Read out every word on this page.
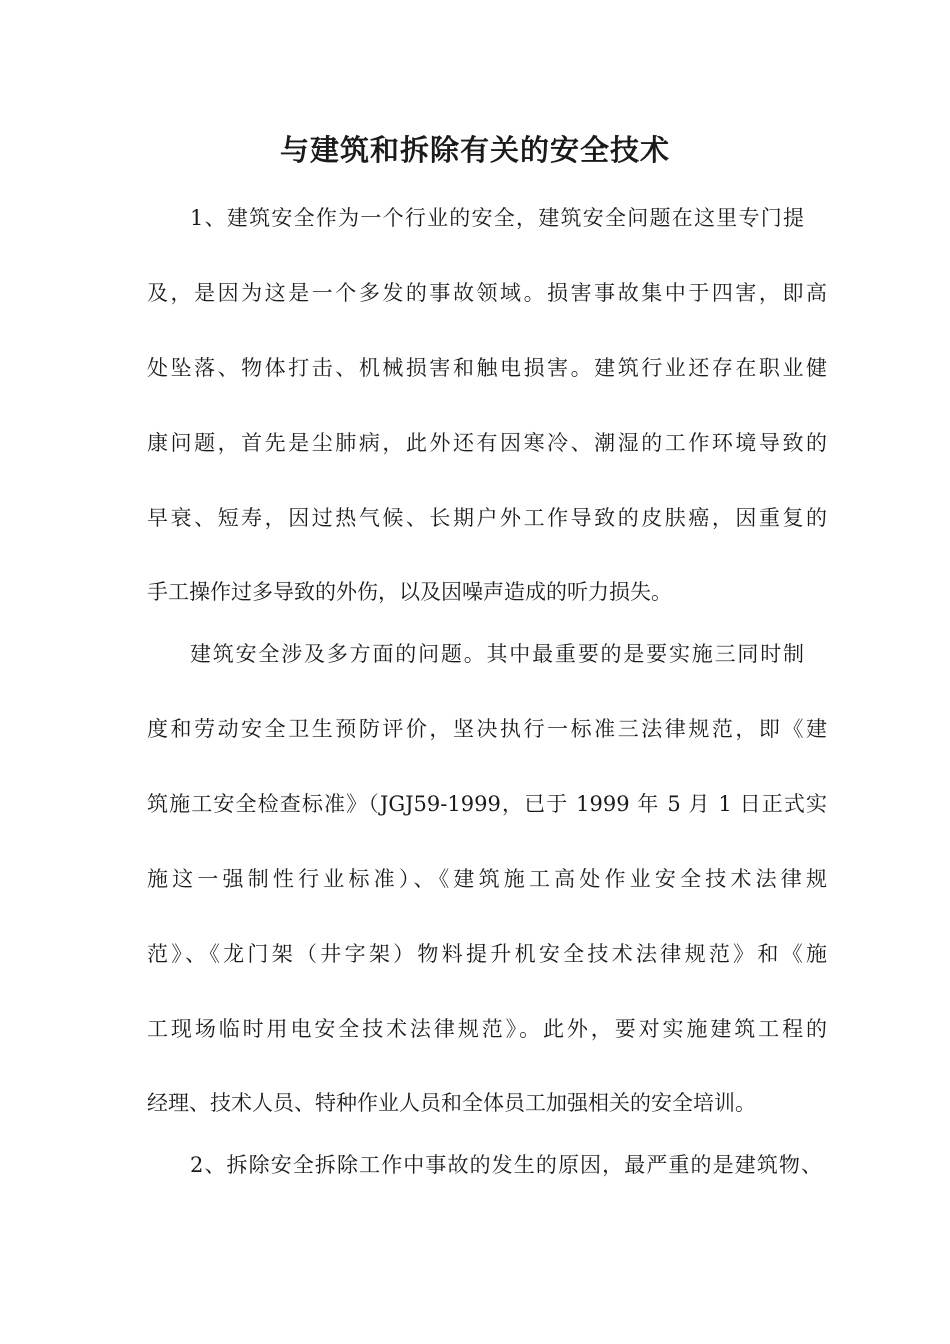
与建筑和拆除有关的安全技术

1、建筑安全作为一个行业的安全，建筑安全问题在这里专门提

及，是因为这是一个多发的事故领域。损害事故集中于四害，即高

处坠落、物体打击、机械损害和触电损害。建筑行业还存在职业健

康问题，首先是尘肺病，此外还有因寒冷、潮湿的工作环境导致的

早衰、短寿，因过热气候、长期户外工作导致的皮肤癌，因重复的

手工操作过多导致的外伤，以及因噪声造成的听力损失。

建筑安全涉及多方面的问题。其中最重要的是要实施三同时制

度和劳动安全卫生预防评价，坚决执行一标准三法律规范，即《建

筑施工安全检查标准》（JGJ59-1999，已于 1999 年 5 月 1 日正式实

施这一强制性行业标准）、《建筑施工高处作业安全技术法律规

范》、《龙门架（井字架）物料提升机安全技术法律规范》和《施

工现场临时用电安全技术法律规范》。此外，要对实施建筑工程的

经理、技术人员、特种作业人员和全体员工加强相关的安全培训。

2、拆除安全拆除工作中事故的发生的原因，最严重的是建筑物、
